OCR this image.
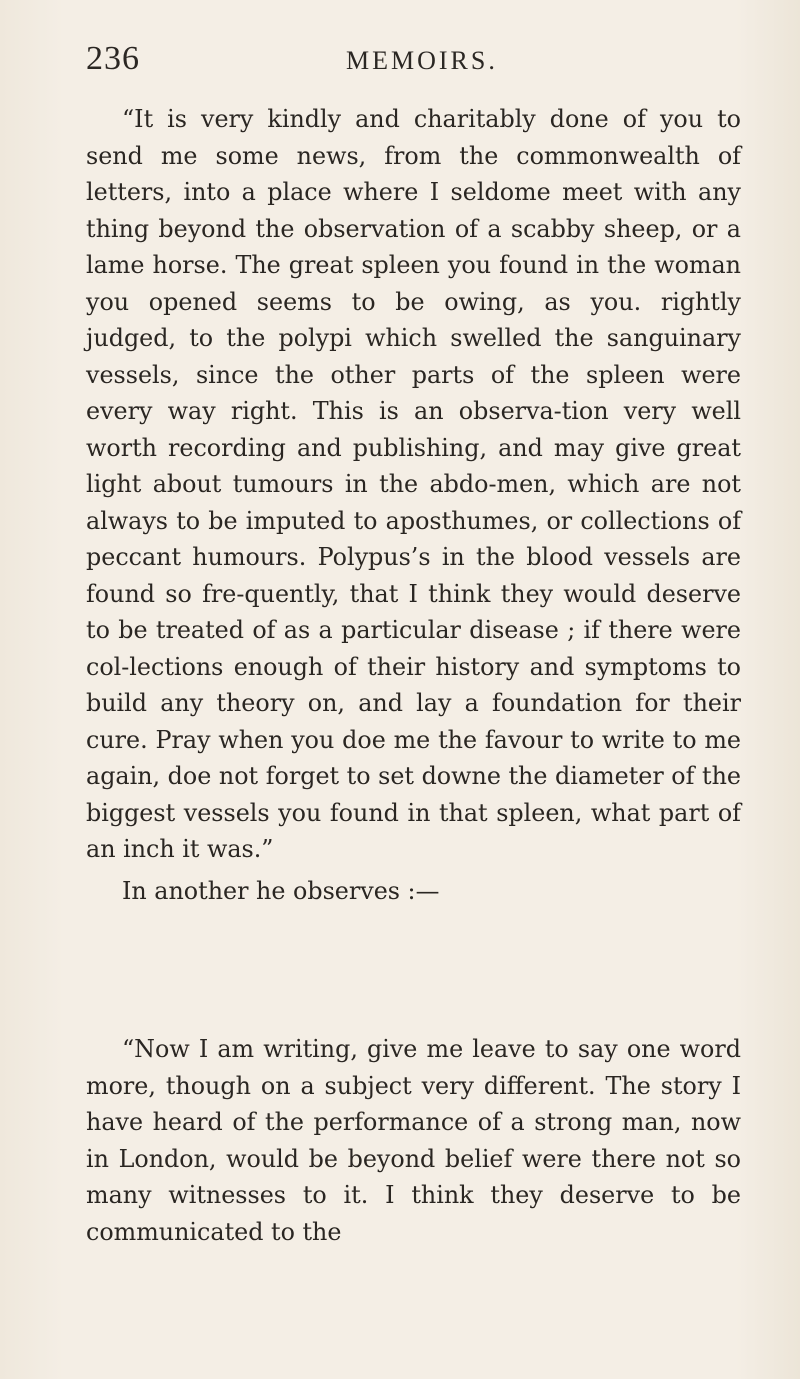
236	MEMOIRS.

“It is very kindly and charitably done of you to send me some news, from the commonwealth of letters, into a place where I seldome meet with any thing beyond the observation of a scabby sheep, or a lame horse. The great spleen you found in the woman you opened seems to be owing, as you. rightly judged, to the polypi which swelled the sanguinary vessels, since the other parts of the spleen were every way right. This is an observa-tion very well worth recording and publishing, and may give great light about tumours in the abdo-men, which are not always to be imputed to aposthumes, or collections of peccant humours. Polypus’s in the blood vessels are found so fre-quently, that I think they would deserve to be treated of as a particular disease ; if there were col-lections enough of their history and symptoms to build any theory on, and lay a foundation for their cure. Pray when you doe me the favour to write to me again, doe not forget to set downe the diameter of the biggest vessels you found in that spleen, what part of an inch it was.”

In another he observes :—

“Now I am writing, give me leave to say one word more, though on a subject very different. The story I have heard of the performance of a strong man, now in London, would be beyond belief were there not so many witnesses to it. I think they deserve to be communicated to the
